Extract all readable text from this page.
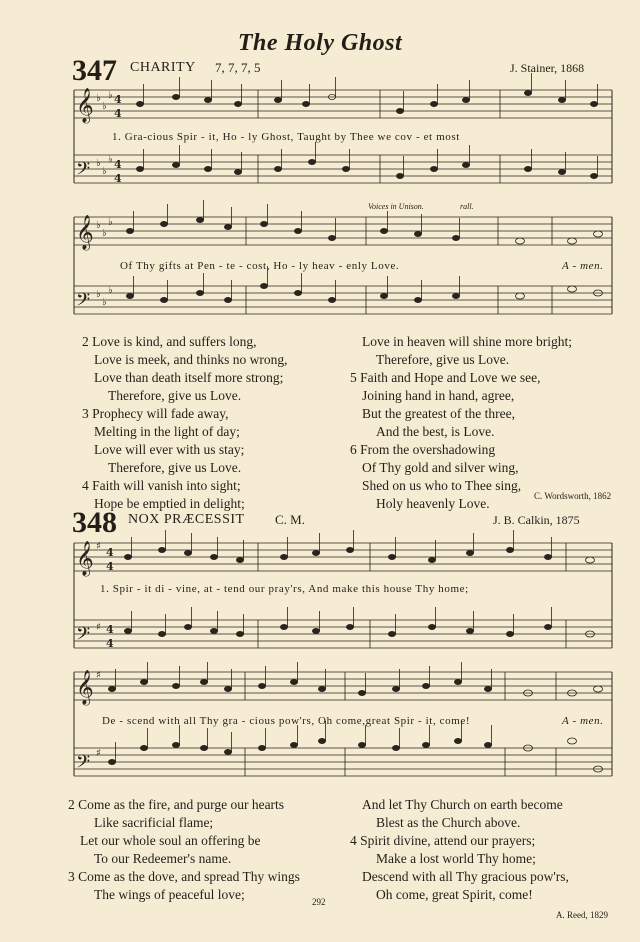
The Holy Ghost
347 CHARITY 7, 7, 7, 5	J. Stainer, 1868
𝄞
𝄢
𝄞
𝄢
𝄞
𝄢
𝄞
𝄢
♭
♭
♭
♭
♭
♭
♭
♭
♭
♭
♭
♭
♯
♯
♯
♯
4
4
4
4
4
4
4
4
1. Gra-cious Spir - it, Ho - ly Ghost, Taught by Thee we cov - et most
Voices in Unison.	rall.
Of Thy gifts at Pen - te - cost, Ho - ly heav - enly Love.	A - men.
2 Love is kind, and suffers long,
Love is meek, and thinks no wrong,
Love than death itself more strong;
Therefore, give us Love.
3 Prophecy will fade away,
Melting in the light of day;
Love will ever with us stay;
Therefore, give us Love.
4 Faith will vanish into sight;
Hope be emptied in delight;
Love in heaven will shine more bright;
Therefore, give us Love.
5 Faith and Hope and Love we see,
Joining hand in hand, agree,
But the greatest of the three,
And the best, is Love.
6 From the overshadowing
Of Thy gold and silver wing,
Shed on us who to Thee sing,
Holy heavenly Love.	C. Wordsworth, 1862
348 NOX PRÆCESSIT C. M.	J. B. Calkin, 1875
1. Spir - it di - vine, at - tend our pray'rs, And make this house Thy home;
De - scend with all Thy gra - cious pow'rs, Oh come,great Spir - it, come!	A - men.
2 Come as the fire, and purge our hearts
Like sacrificial flame;
Let our whole soul an offering be
To our Redeemer's name.
3 Come as the dove, and spread Thy wings
The wings of peaceful love;
And let Thy Church on earth become
Blest as the Church above.
4 Spirit divine, attend our prayers;
Make a lost world Thy home;
Descend with all Thy gracious pow'rs,
Oh come, great Spirit, come!
A. Reed, 1829
292
